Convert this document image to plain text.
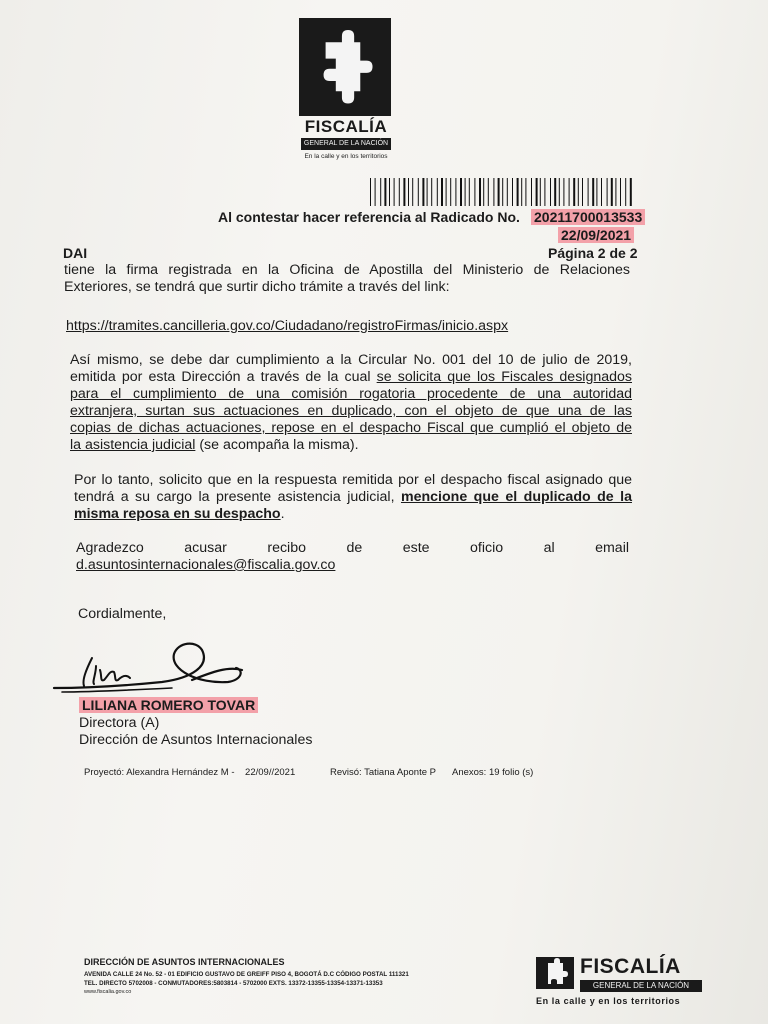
FISCALÍA
GENERAL DE LA NACIÓN
En la calle y en los territorios
Al contestar hacer referencia al Radicado No. 20211700013533
22/09/2021
DAI	Página 2 de 2
tiene la firma registrada en la Oficina de Apostilla del Ministerio de Relaciones
Exteriores, se tendrá que surtir dicho trámite a través del link:
https://tramites.cancilleria.gov.co/Ciudadano/registroFirmas/inicio.aspx
Así mismo, se debe dar cumplimiento a la Circular No. 001 del 10 de julio de 2019,
emitida por esta Dirección a través de la cual se solicita que los Fiscales designados
para el cumplimiento de una comisión rogatoria procedente de una autoridad
extranjera, surtan sus actuaciones en duplicado, con el objeto de que una de las
copias de dichas actuaciones, repose en el despacho Fiscal que cumplió el objeto de
la asistencia judicial (se acompaña la misma).
Por lo tanto, solicito que en la respuesta remitida por el despacho fiscal asignado que
tendrá a su cargo la presente asistencia judicial, mencione que el duplicado de la
misma reposa en su despacho.
Agradezco acusar recibo de este oficio al email
d.asuntosinternacionales@fiscalia.gov.co
Cordialmente,
LILIANA ROMERO TOVAR
Directora (A)
Dirección de Asuntos Internacionales
Proyectó: Alexandra Hernández M -    22/09//2021	Revisó: Tatiana Aponte P Anexos: 19 folio (s)
DIRECCIÓN DE ASUNTOS INTERNACIONALES
AVENIDA CALLE 24 No. 52 - 01 EDIFICIO GUSTAVO DE GREIFF PISO 4, BOGOTÁ D.C CÓDIGO POSTAL 111321
TEL. DIRECTO 5702008 - CONMUTADORES:5803814 - 5702000 EXTS. 13372-13355-13354-13371-13353
www.fiscalia.gov.co
FISCALÍA
GENERAL DE LA NACIÓN
En la calle y en los territorios
